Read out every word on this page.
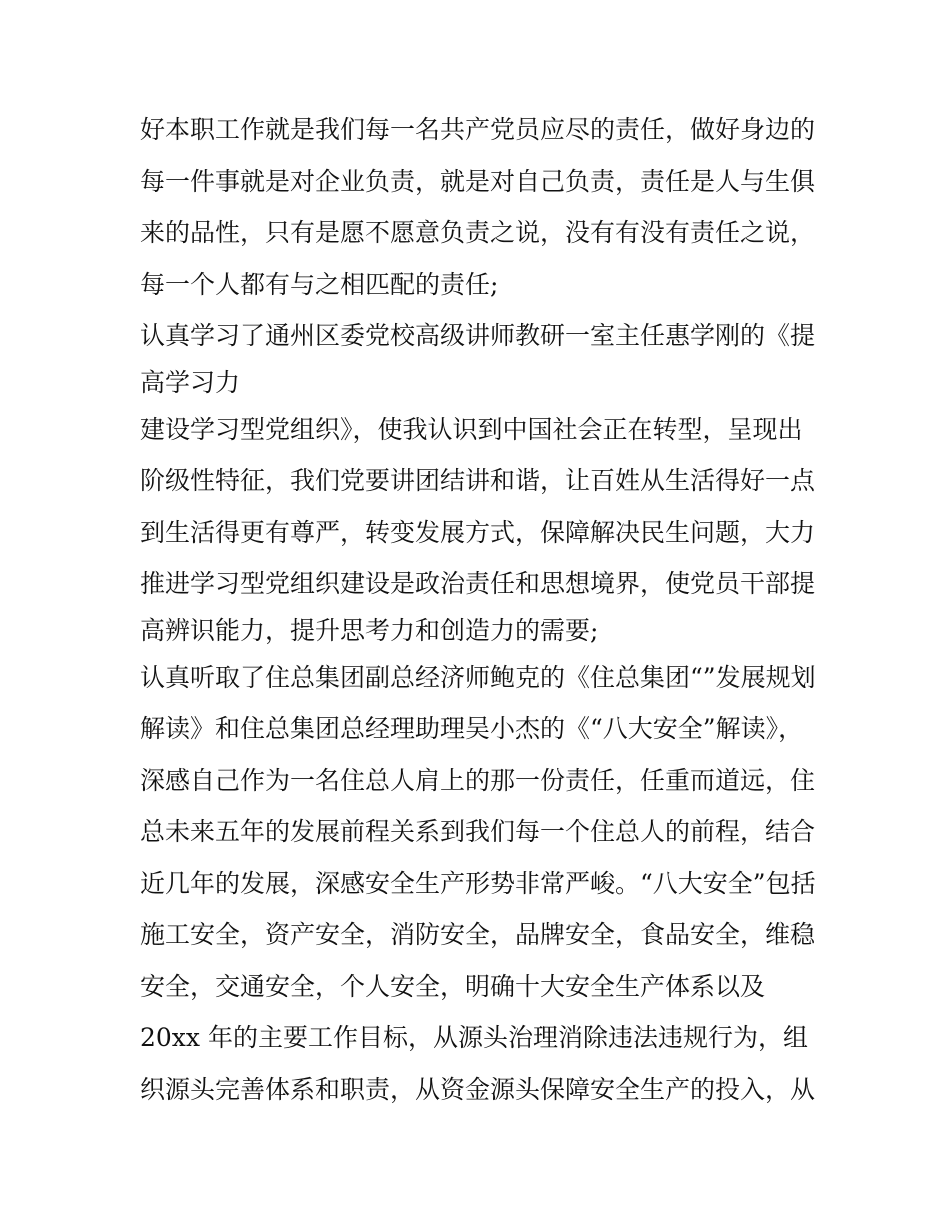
好本职工作就是我们每一名共产党员应尽的责任，做好身边的
每一件事就是对企业负责，就是对自己负责，责任是人与生俱
来的品性，只有是愿不愿意负责之说，没有有没有责任之说，
每一个人都有与之相匹配的责任;
认真学习了通州区委党校高级讲师教研一室主任惠学刚的《提
高学习力
建设学习型党组织》，使我认识到中国社会正在转型，呈现出
阶级性特征，我们党要讲团结讲和谐，让百姓从生活得好一点
到生活得更有尊严，转变发展方式，保障解决民生问题，大力
推进学习型党组织建设是政治责任和思想境界，使党员干部提
高辨识能力，提升思考力和创造力的需要;
认真听取了住总集团副总经济师鲍克的《住总集团“”发展规划
解读》和住总集团总经理助理吴小杰的《“八大安全”解读》，
深感自己作为一名住总人肩上的那一份责任，任重而道远，住
总未来五年的发展前程关系到我们每一个住总人的前程，结合
近几年的发展，深感安全生产形势非常严峻。“八大安全”包括
施工安全，资产安全，消防安全，品牌安全，食品安全，维稳
安全，交通安全，个人安全，明确十大安全生产体系以及
20xx 年的主要工作目标，从源头治理消除违法违规行为，组
织源头完善体系和职责，从资金源头保障安全生产的投入，从
